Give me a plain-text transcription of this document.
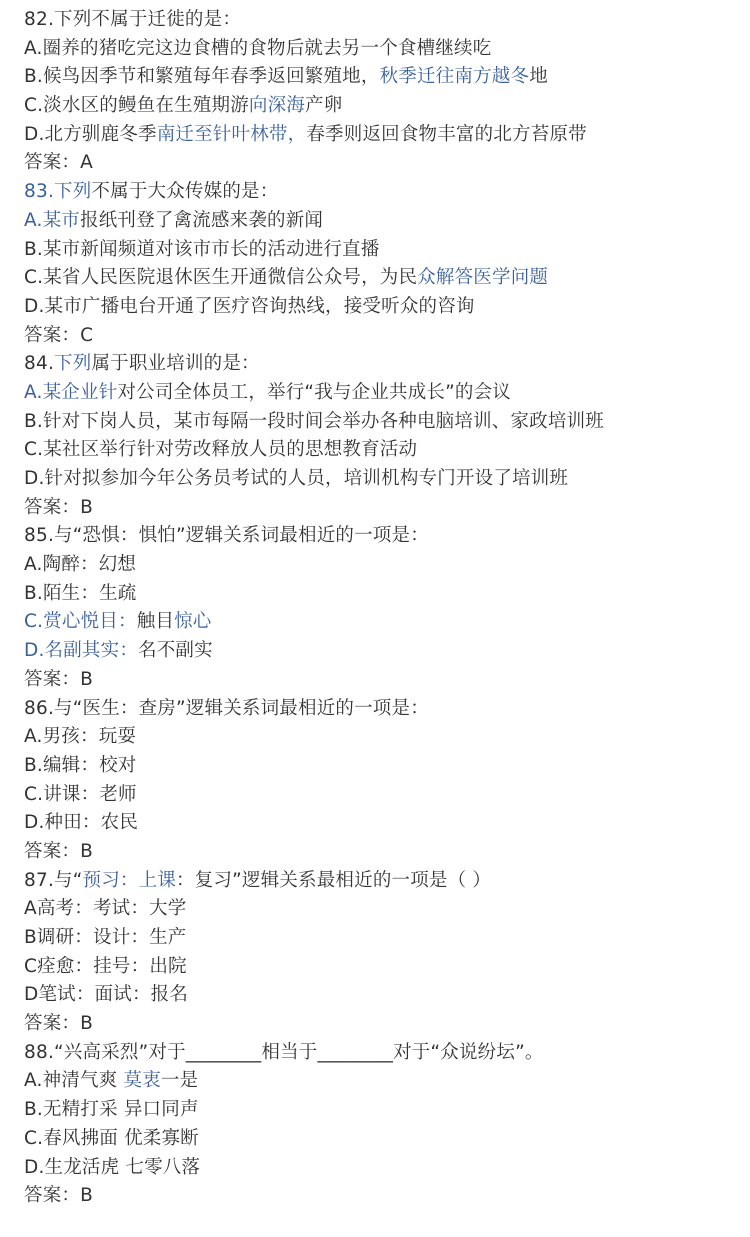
82.下列不属于迁徙的是：
A.圈养的猪吃完这边食槽的食物后就去另一个食槽继续吃
B.候鸟因季节和繁殖每年春季返回繁殖地，秋季迁往南方越冬地
C.淡水区的鳗鱼在生殖期游向深海产卵
D.北方驯鹿冬季南迁至针叶林带，春季则返回食物丰富的北方苔原带
答案：A
83.下列不属于大众传媒的是：
A.某市报纸刊登了禽流感来袭的新闻
B.某市新闻频道对该市市长的活动进行直播
C.某省人民医院退休医生开通微信公众号，为民众解答医学问题
D.某市广播电台开通了医疗咨询热线，接受听众的咨询
答案：C
84.下列属于职业培训的是：
A.某企业针对公司全体员工，举行“我与企业共成长”的会议
B.针对下岗人员，某市每隔一段时间会举办各种电脑培训、家政培训班
C.某社区举行针对劳改释放人员的思想教育活动
D.针对拟参加今年公务员考试的人员，培训机构专门开设了培训班
答案：B
85.与“恐惧：惧怕”逻辑关系词最相近的一项是：
A.陶醉：幻想
B.陌生：生疏
C.赏心悦目：触目惊心
D.名副其实：名不副实
答案：B
86.与“医生：查房”逻辑关系词最相近的一项是：
A.男孩：玩耍
B.编辑：校对
C.讲课：老师
D.种田：农民
答案：B
87.与“预习：上课：复习”逻辑关系最相近的一项是（ ）
A高考：考试：大学
B调研：设计：生产
C痊愈：挂号：出院
D笔试：面试：报名
答案：B
88.“兴高采烈”对于________相当于________对于“众说纷坛”。
A.神清气爽 莫衷一是
B.无精打采 异口同声
C.春风拂面 优柔寡断
D.生龙活虎 七零八落
答案：B
